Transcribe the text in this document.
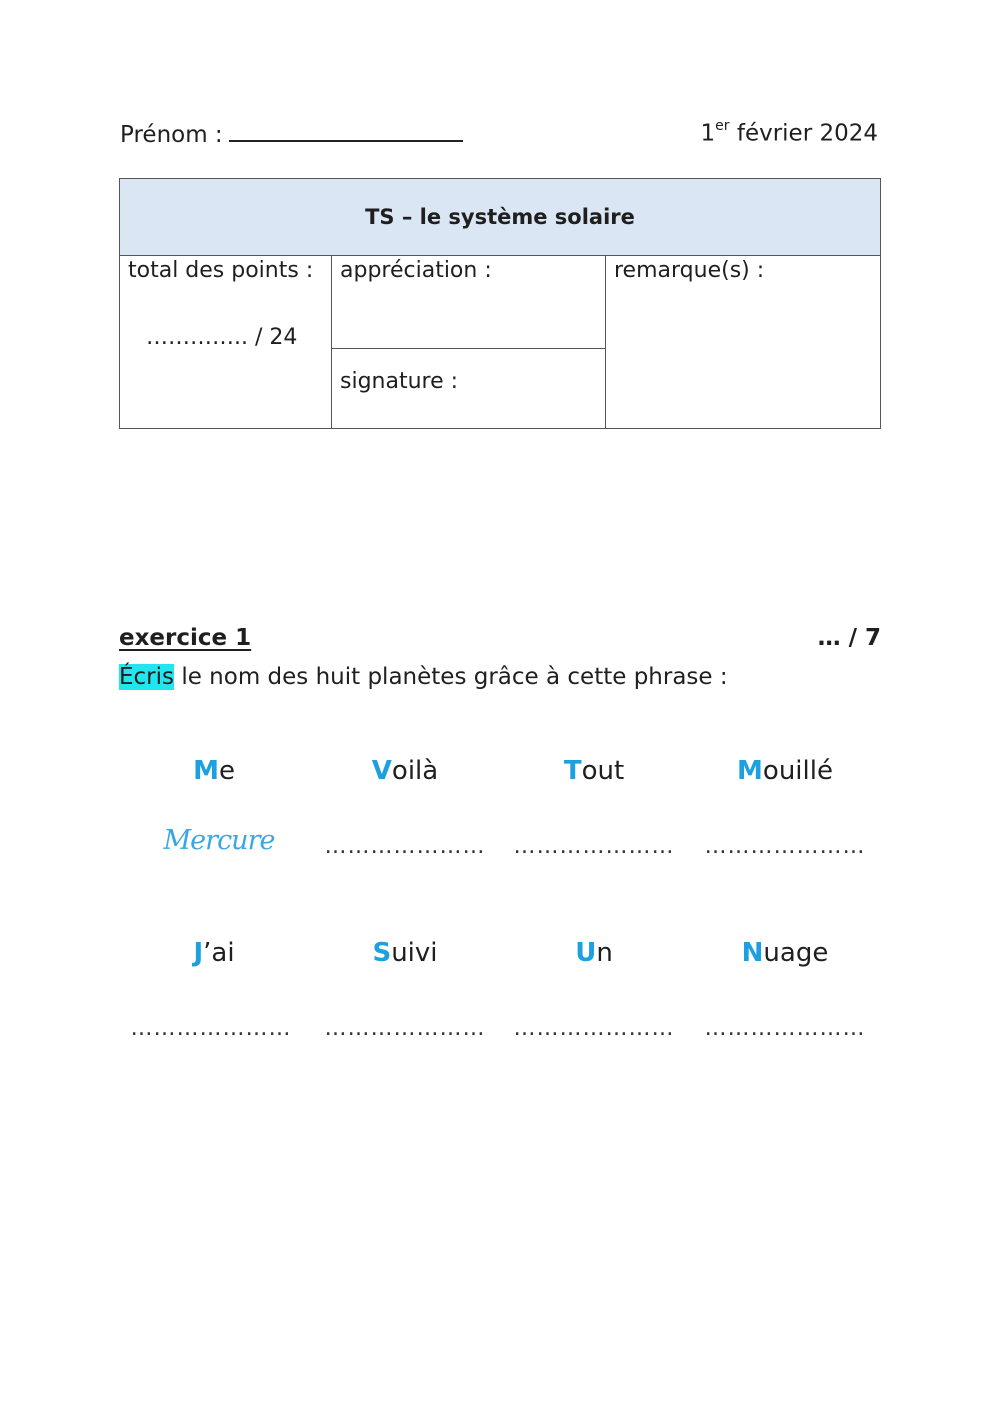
Prénom :	1er février 2024
TS – le système solaire

total des points :
………….. / 24

appréciation :	remarque(s) :

signature :
exercice 1	… / 7
Écris le nom des huit planètes grâce à cette phrase :
Me	Voilà	Tout	Mouillé
Mercure	…………………	…………………	…………………
J’ai	Suivi	Un	Nuage
…………………	…………………	…………………	…………………
